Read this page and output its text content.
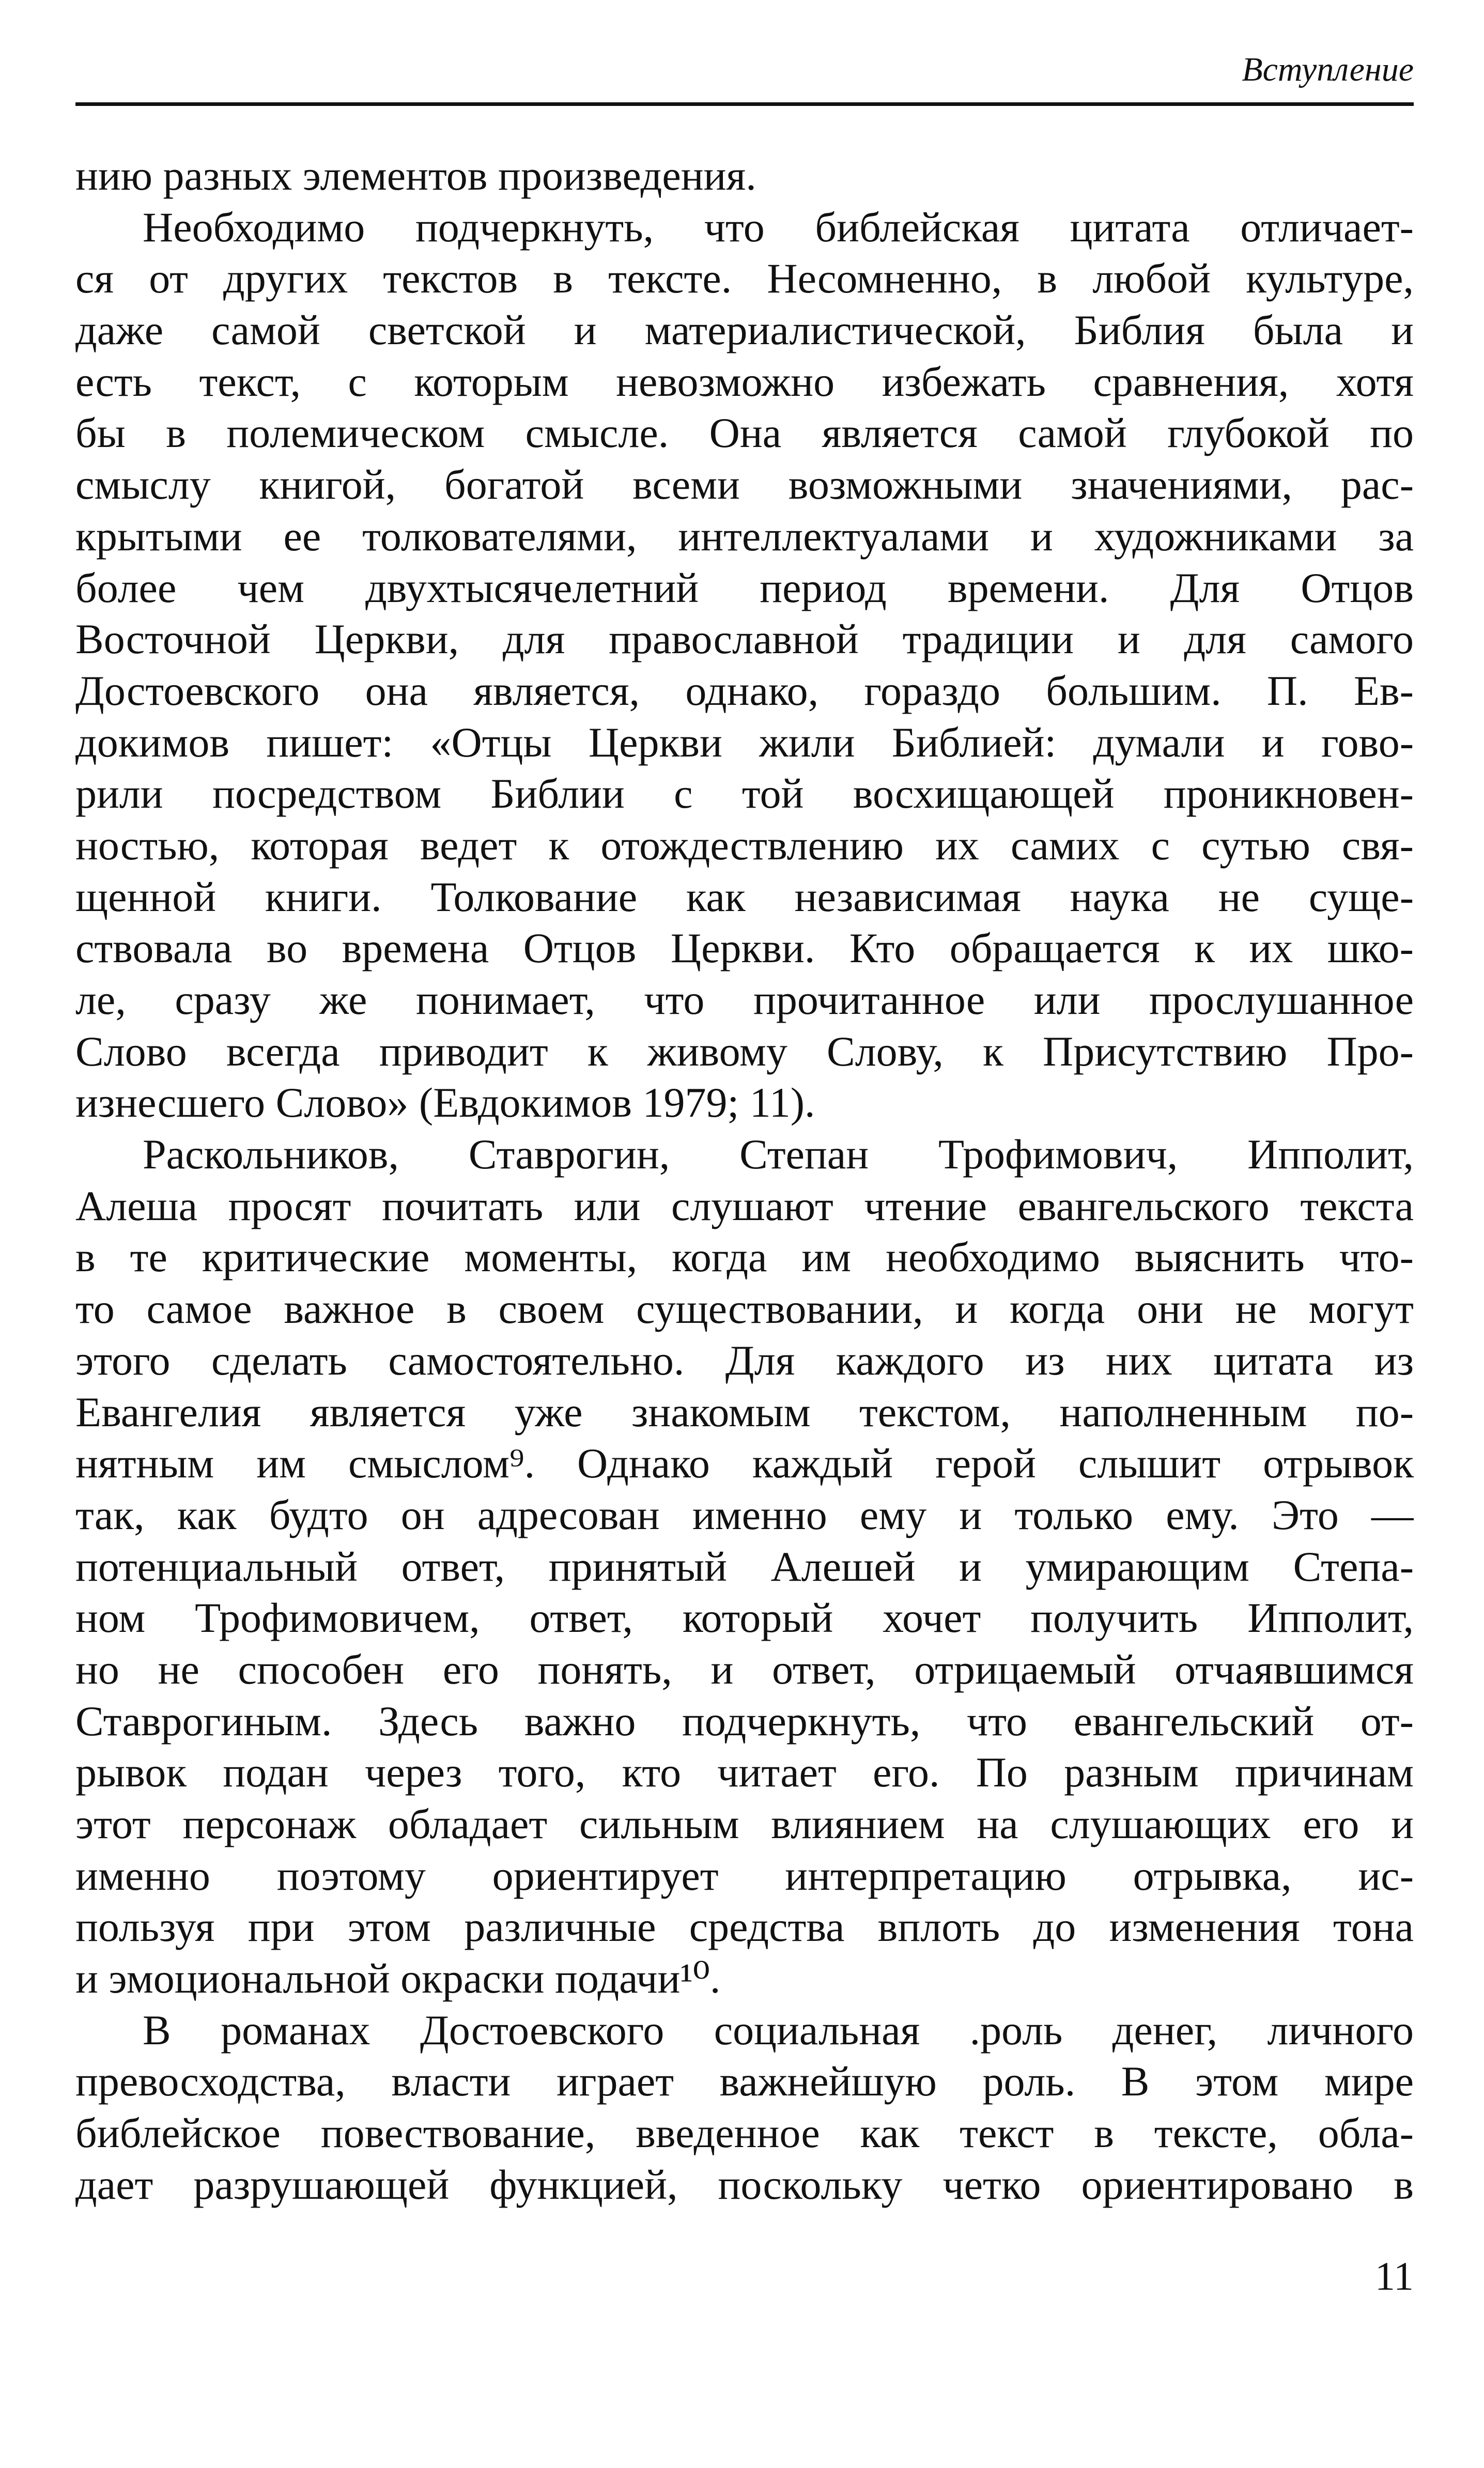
Вступление
нию разных элементов произведения.
Необходимо подчеркнуть, что библейская цитата отличает-
ся от других текстов в тексте. Несомненно, в любой культуре,
даже самой светской и материалистической, Библия была и
есть текст, с которым невозможно избежать сравнения, хотя
бы в полемическом смысле. Она является самой глубокой по
смыслу книгой, богатой всеми возможными значениями, рас-
крытыми ее толкователями, интеллектуалами и художниками за
более чем двухтысячелетний период времени. Для Отцов
Восточной Церкви, для православной традиции и для самого
Достоевского она является, однако, гораздо большим. П. Ев-
докимов пишет: «Отцы Церкви жили Библией: думали и гово-
рили посредством Библии с той восхищающей проникновен-
ностью, которая ведет к отождествлению их самих с сутью свя-
щенной книги. Толкование как независимая наука не суще-
ствовала во времена Отцов Церкви. Кто обращается к их шко-
ле, сразу же понимает, что прочитанное или прослушанное
Слово всегда приводит к живому Слову, к Присутствию Про-
изнесшего Слово» (Евдокимов 1979; 11).
Раскольников, Ставрогин, Степан Трофимович, Ипполит,
Алеша просят почитать или слушают чтение евангельского текста
в те критические моменты, когда им необходимо выяснить что-
то самое важное в своем существовании, и когда они не могут
этого сделать самостоятельно. Для каждого из них цитата из
Евангелия является уже знакомым текстом, наполненным по-
нятным им смыслом⁹. Однако каждый герой слышит отрывок
так, как будто он адресован именно ему и только ему. Это —
потенциальный ответ, принятый Алешей и умирающим Степа-
ном Трофимовичем, ответ, который хочет получить Ипполит,
но не способен его понять, и ответ, отрицаемый отчаявшимся
Ставрогиным. Здесь важно подчеркнуть, что евангельский от-
рывок подан через того, кто читает его. По разным причинам
этот персонаж обладает сильным влиянием на слушающих его и
именно поэтому ориентирует интерпретацию отрывка, ис-
пользуя при этом различные средства вплоть до изменения тона
и эмоциональной окраски подачи¹⁰.
В романах Достоевского социальная .роль денег, личного
превосходства, власти играет важнейшую роль. В этом мире
библейское повествование, введенное как текст в тексте, обла-
дает разрушающей функцией, поскольку четко ориентировано в
11
